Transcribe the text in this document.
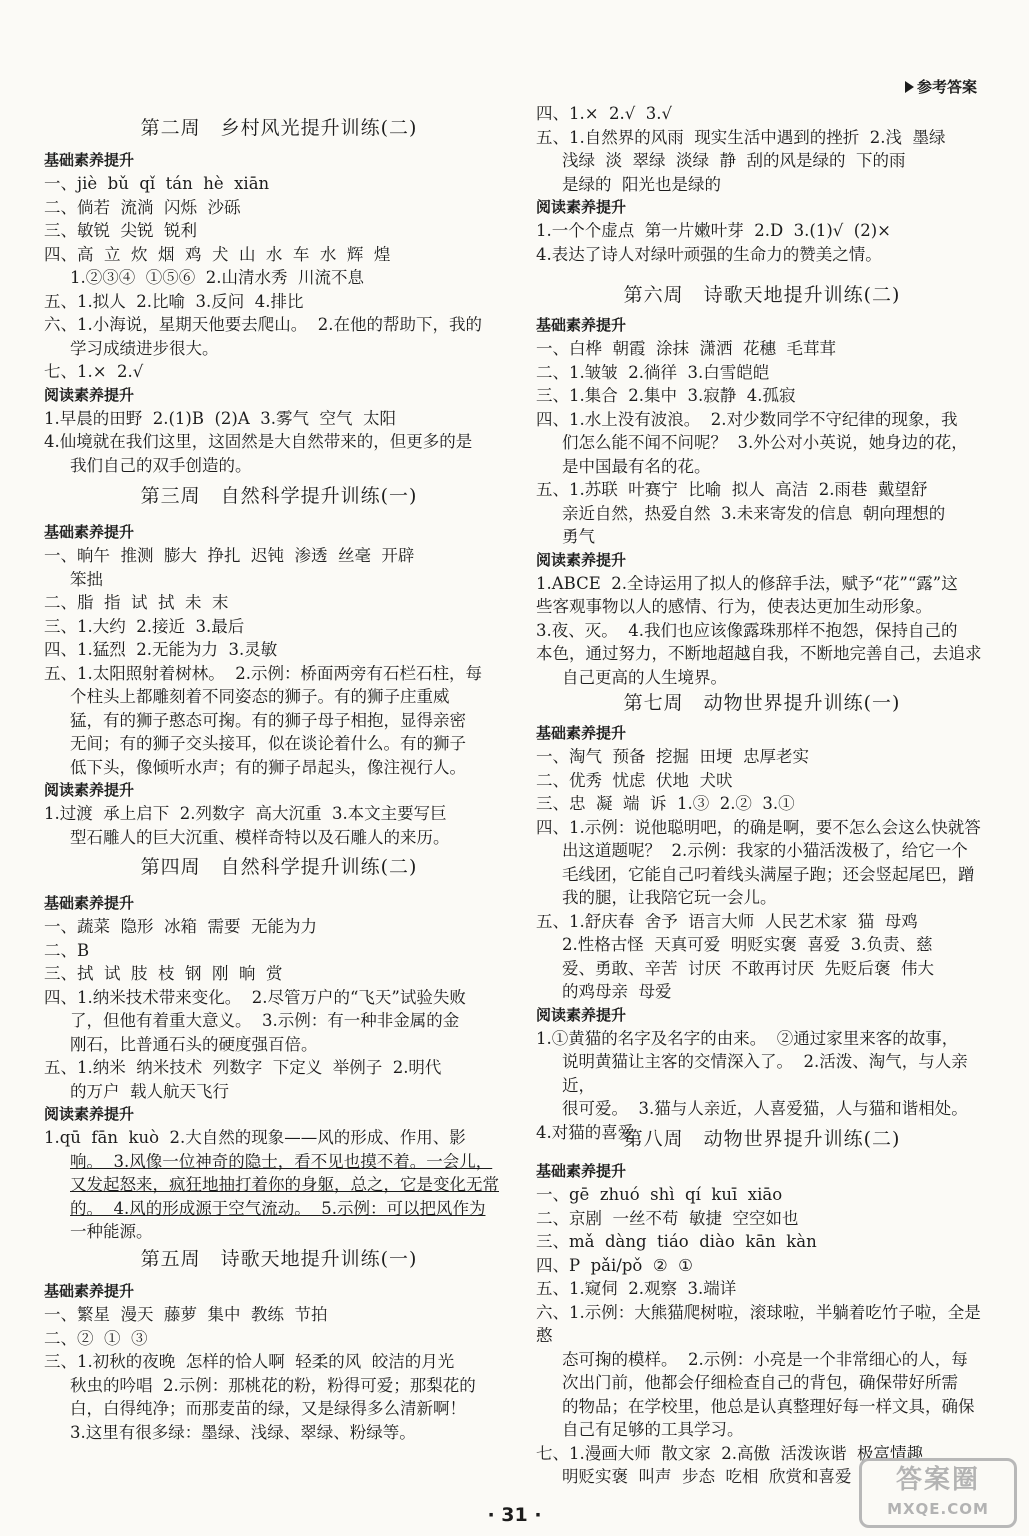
参考答案
第二周　乡村风光提升训练(二)

基础素养提升

一、jiè  bǔ  qǐ  tán  hè  xiān

二、倘若  流淌  闪烁  沙砾

三、敏锐  尖锐  锐利

四、高  立  炊  烟  鸡  犬  山  水  车  水  辉  煌

1.②③④  ①⑤⑥  2.山清水秀  川流不息

五、1.拟人  2.比喻  3.反问  4.排比

六、1.小海说，星期天他要去爬山。  2.在他的帮助下，我的

学习成绩进步很大。

七、1.×  2.√

阅读素养提升

1.早晨的田野  2.(1)B  (2)A  3.雾气  空气  太阳

4.仙境就在我们这里，这固然是大自然带来的，但更多的是

我们自己的双手创造的。

第三周　自然科学提升训练(一)

基础素养提升

一、晌午  推测  膨大  挣扎  迟钝  渗透  丝毫  开辟

笨拙

二、脂  指  试  拭  未  末

三、1.大约  2.接近  3.最后

四、1.猛烈  2.无能为力  3.灵敏

五、1.太阳照射着树林。  2.示例：桥面两旁有石栏石柱，每

个柱头上都雕刻着不同姿态的狮子。有的狮子庄重威

猛，有的狮子憨态可掬。有的狮子母子相抱，显得亲密

无间；有的狮子交头接耳，似在谈论着什么。有的狮子

低下头，像倾听水声；有的狮子昂起头，像注视行人。

阅读素养提升

1.过渡  承上启下  2.列数字  高大沉重  3.本文主要写巨

型石雕人的巨大沉重、模样奇特以及石雕人的来历。

第四周　自然科学提升训练(二)

基础素养提升

一、蔬菜  隐形  冰箱  需要  无能为力

二、B

三、拭  试  肢  枝  钢  刚  晌  赏

四、1.纳米技术带来变化。  2.尽管万户的“飞天”试验失败

了，但他有着重大意义。  3.示例：有一种非金属的金

刚石，比普通石头的硬度强百倍。

五、1.纳米  纳米技术  列数字  下定义  举例子  2.明代

的万户  载人航天飞行

阅读素养提升

1.qū  fān  kuò  2.大自然的现象——风的形成、作用、影

响。  3.风像一位神奇的隐士，看不见也摸不着。一会儿，

又发起怒来，疯狂地抽打着你的身躯，总之，它是变化无常

的。  4.风的形成源于空气流动。  5.示例：可以把风作为

一种能源。

第五周　诗歌天地提升训练(一)

基础素养提升

一、繁星  漫天  藤萝  集中  教练  节拍

二、②  ①  ③

三、1.初秋的夜晚  怎样的恰人啊  轻柔的风  皎洁的月光

秋虫的吟唱  2.示例：那桃花的粉，粉得可爱；那梨花的

白，白得纯净；而那麦苗的绿，又是绿得多么清新啊！

3.这里有很多绿：墨绿、浅绿、翠绿、粉绿等。

四、1.×  2.√  3.√

五、1.自然界的风雨  现实生活中遇到的挫折  2.浅  墨绿

浅绿  淡  翠绿  淡绿  静  刮的风是绿的  下的雨

是绿的  阳光也是绿的

阅读素养提升

1.一个个虚点  第一片嫩叶芽  2.D  3.(1)√  (2)×

4.表达了诗人对绿叶顽强的生命力的赞美之情。

第六周　诗歌天地提升训练(二)

基础素养提升

一、白桦  朝霞  涂抹  潇洒  花穗  毛茸茸

二、1.皱皱  2.徜徉  3.白雪皑皑

三、1.集合  2.集中  3.寂静  4.孤寂

四、1.水上没有波浪。  2.对少数同学不守纪律的现象，我

们怎么能不闻不问呢？  3.外公对小英说，她身边的花，

是中国最有名的花。

五、1.苏联  叶赛宁  比喻  拟人  高洁  2.雨巷  戴望舒

亲近自然，热爱自然  3.未来寄发的信息  朝向理想的

勇气

阅读素养提升

1.ABCE  2.全诗运用了拟人的修辞手法，赋予“花”“露”这

些客观事物以人的感情、行为，使表达更加生动形象。

3.夜、灭。  4.我们也应该像露珠那样不抱怨，保持自己的

本色，通过努力，不断地超越自我，不断地完善自己，去追求

自己更高的人生境界。

第七周　动物世界提升训练(一)

基础素养提升

一、淘气  预备  挖掘  田埂  忠厚老实

二、优秀  忧虑  伏地  犬吠

三、忠  凝  端  诉  1.③  2.②  3.①

四、1.示例：说他聪明吧，的确是啊，要不怎么会这么快就答

出这道题呢？  2.示例：我家的小猫活泼极了，给它一个

毛线团，它能自己叼着线头满屋子跑；还会竖起尾巴，蹭

我的腿，让我陪它玩一会儿。

五、1.舒庆春  舍予  语言大师  人民艺术家  猫  母鸡

2.性格古怪  天真可爱  明贬实褒  喜爱  3.负责、慈

爱、勇敢、辛苦  讨厌  不敢再讨厌  先贬后褒  伟大

的鸡母亲  母爱

阅读素养提升

1.①黄猫的名字及名字的由来。  ②通过家里来客的故事，

说明黄猫让主客的交情深入了。  2.活泼、淘气，与人亲近，

很可爱。  3.猫与人亲近，人喜爱猫，人与猫和谐相处。

4.对猫的喜爱

第八周　动物世界提升训练(二)

基础素养提升

一、gē  zhuó  shì  qí  kuī  xiāo

二、京剧  一丝不苟  敏捷  空空如也

三、mǎ  dàng  tiáo  diào  kān  kàn

四、P  pǎi/pǒ  ②  ①

五、1.窥伺  2.观察  3.端详

六、1.示例：大熊猫爬树啦，滚球啦，半躺着吃竹子啦，全是憨

态可掬的模样。  2.示例：小亮是一个非常细心的人，每

次出门前，他都会仔细检查自己的背包，确保带好所需

的物品；在学校里，他总是认真整理好每一样文具，确保

自己有足够的工具学习。

七、1.漫画大师  散文家  2.高傲  活泼诙谐  极富情趣

明贬实褒  叫声  步态  吃相  欣赏和喜爱

· 31 ·
答案圈
MXQE.COM
